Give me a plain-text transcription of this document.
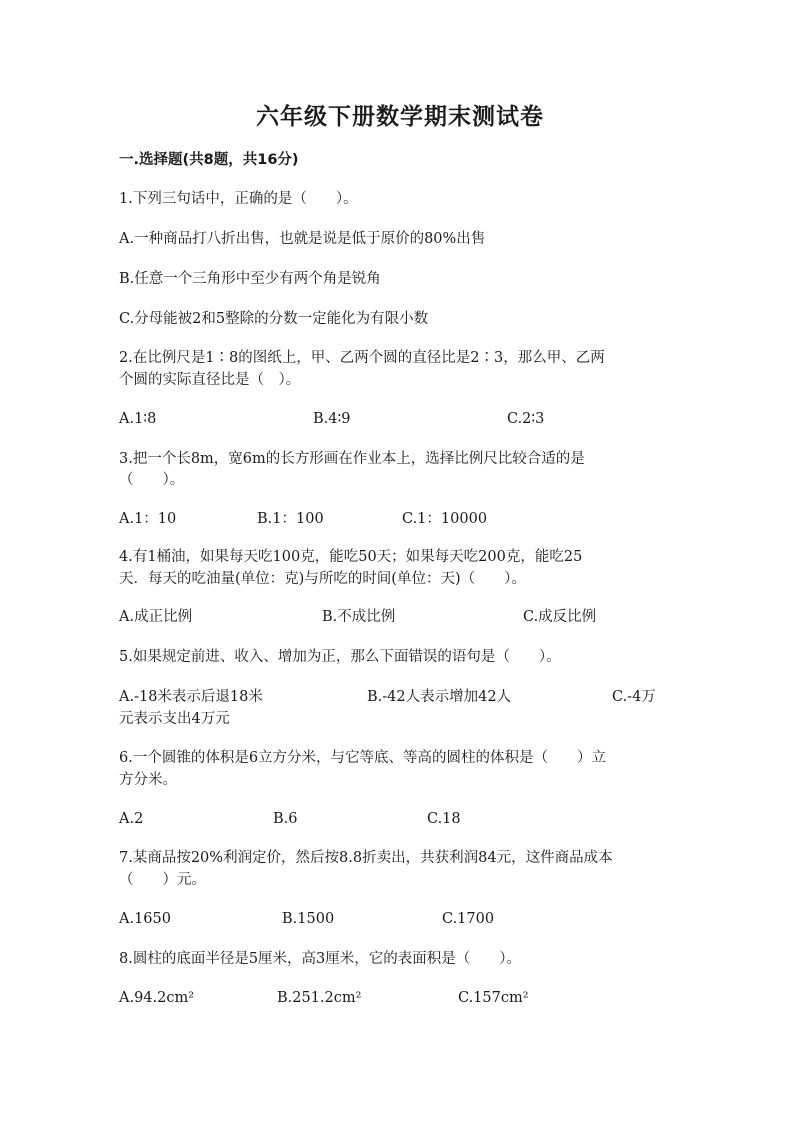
六年级下册数学期末测试卷
一.选择题(共8题，共16分)
1.下列三句话中，正确的是（　　）。
A.一种商品打八折出售，也就是说是低于原价的80%出售
B.任意一个三角形中至少有两个角是锐角
C.分母能被2和5整除的分数一定能化为有限小数
2.在比例尺是1∶8的图纸上，甲、乙两个圆的直径比是2∶3，那么甲、乙两
个圆的实际直径比是（　）。
A.1∶8	B.4∶9	C.2∶3
3.把一个长8m，宽6m的长方形画在作业本上，选择比例尺比较合适的是
（　　）。
A.1：10	B.1：100	C.1：10000
4.有1桶油，如果每天吃100克，能吃50天；如果每天吃200克，能吃25
天．每天的吃油量(单位：克)与所吃的时间(单位：天)（　　）。
A.成正比例	B.不成比例	C.成反比例
5.如果规定前进、收入、增加为正，那么下面错误的语句是（　　）。
A.-18米表示后退18米	B.-42人表示增加42人	C.-4万
元表示支出4万元
6.一个圆锥的体积是6立方分米，与它等底、等高的圆柱的体积是（　　）立
方分米。
A.2	B.6	C.18
7.某商品按20%利润定价，然后按8.8折卖出，共获利润84元，这件商品成本
（　　）元。
A.1650	B.1500	C.1700
8.圆柱的底面半径是5厘米，高3厘米，它的表面积是（　　）。
A.94.2cm²	B.251.2cm²	C.157cm²
